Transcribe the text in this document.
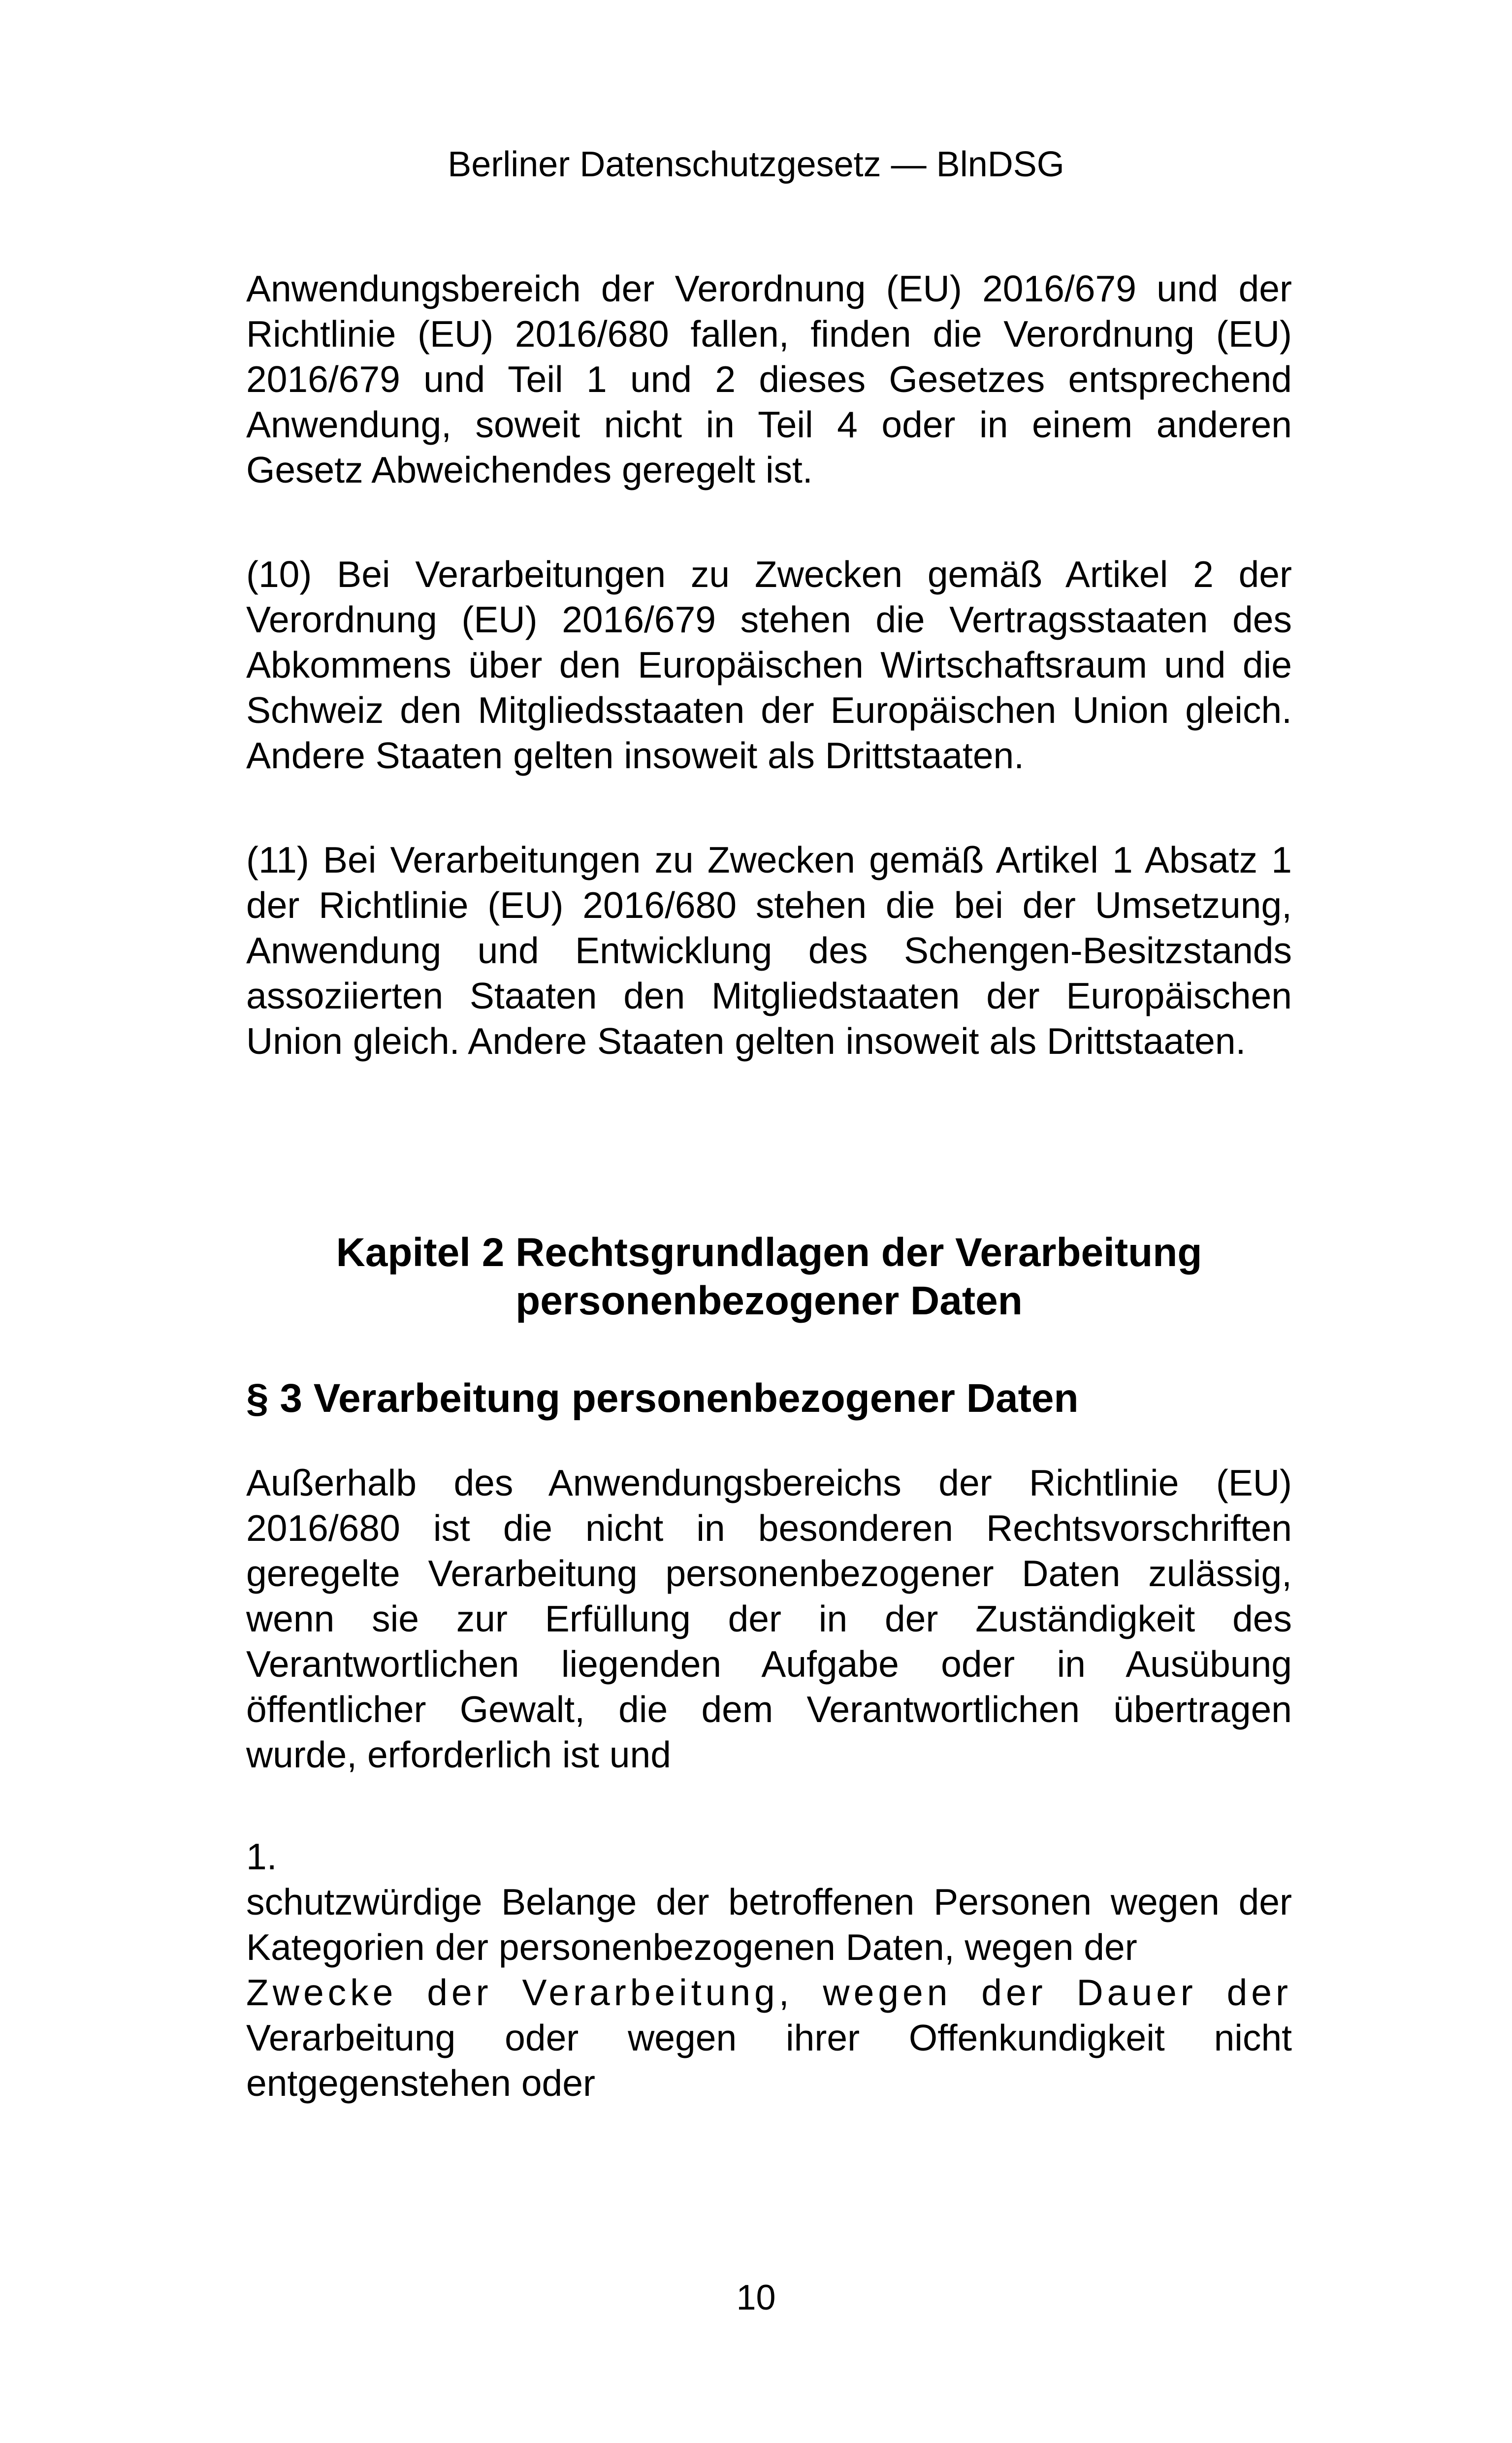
Berliner Datenschutzgesetz — BlnDSG

Anwendungsbereich der Verordnung (EU) 2016/679 und der Richtlinie (EU) 2016/680 fallen, finden die Verordnung (EU) 2016/679 und Teil 1 und 2 dieses Gesetzes entsprechend Anwendung, soweit nicht in Teil 4 oder in einem anderen Gesetz Abweichendes geregelt ist.

(10) Bei Verarbeitungen zu Zwecken gemäß Artikel 2 der Verordnung (EU) 2016/679 stehen die Vertragsstaaten des Abkommens über den Europäischen Wirtschaftsraum und die Schweiz den Mitgliedsstaaten der Europäischen Union gleich. Andere Staaten gelten insoweit als Drittstaaten.

(11) Bei Verarbeitungen zu Zwecken gemäß Artikel 1 Absatz 1 der Richtlinie (EU) 2016/680 stehen die bei der Umsetzung, Anwendung und Entwicklung des Schengen-Besitzstands assoziierten Staaten den Mitgliedstaaten der Europäischen Union gleich. Andere Staaten gelten insoweit als Drittstaaten.

Kapitel 2 Rechtsgrundlagen der Verarbeitung
personenbezogener Daten
§ 3 Verarbeitung personenbezogener Daten

Außerhalb des Anwendungsbereichs der Richtlinie (EU) 2016/680 ist die nicht in besonderen Rechtsvorschriften geregelte Verarbeitung personenbezogener Daten zulässig, wenn sie zur Erfüllung der in der Zuständigkeit des Verantwortlichen liegenden Aufgabe oder in Ausübung öffentlicher Gewalt, die dem Verantwortlichen übertragen wurde, erforderlich ist und

1.

schutzwürdige Belange der betroffenen Personen wegen der Kategorien der personenbezogenen Daten, wegen der

Zwecke der Verarbeitung, wegen der Dauer der

Verarbeitung oder wegen ihrer Offenkundigkeit nicht entgegenstehen oder

10
